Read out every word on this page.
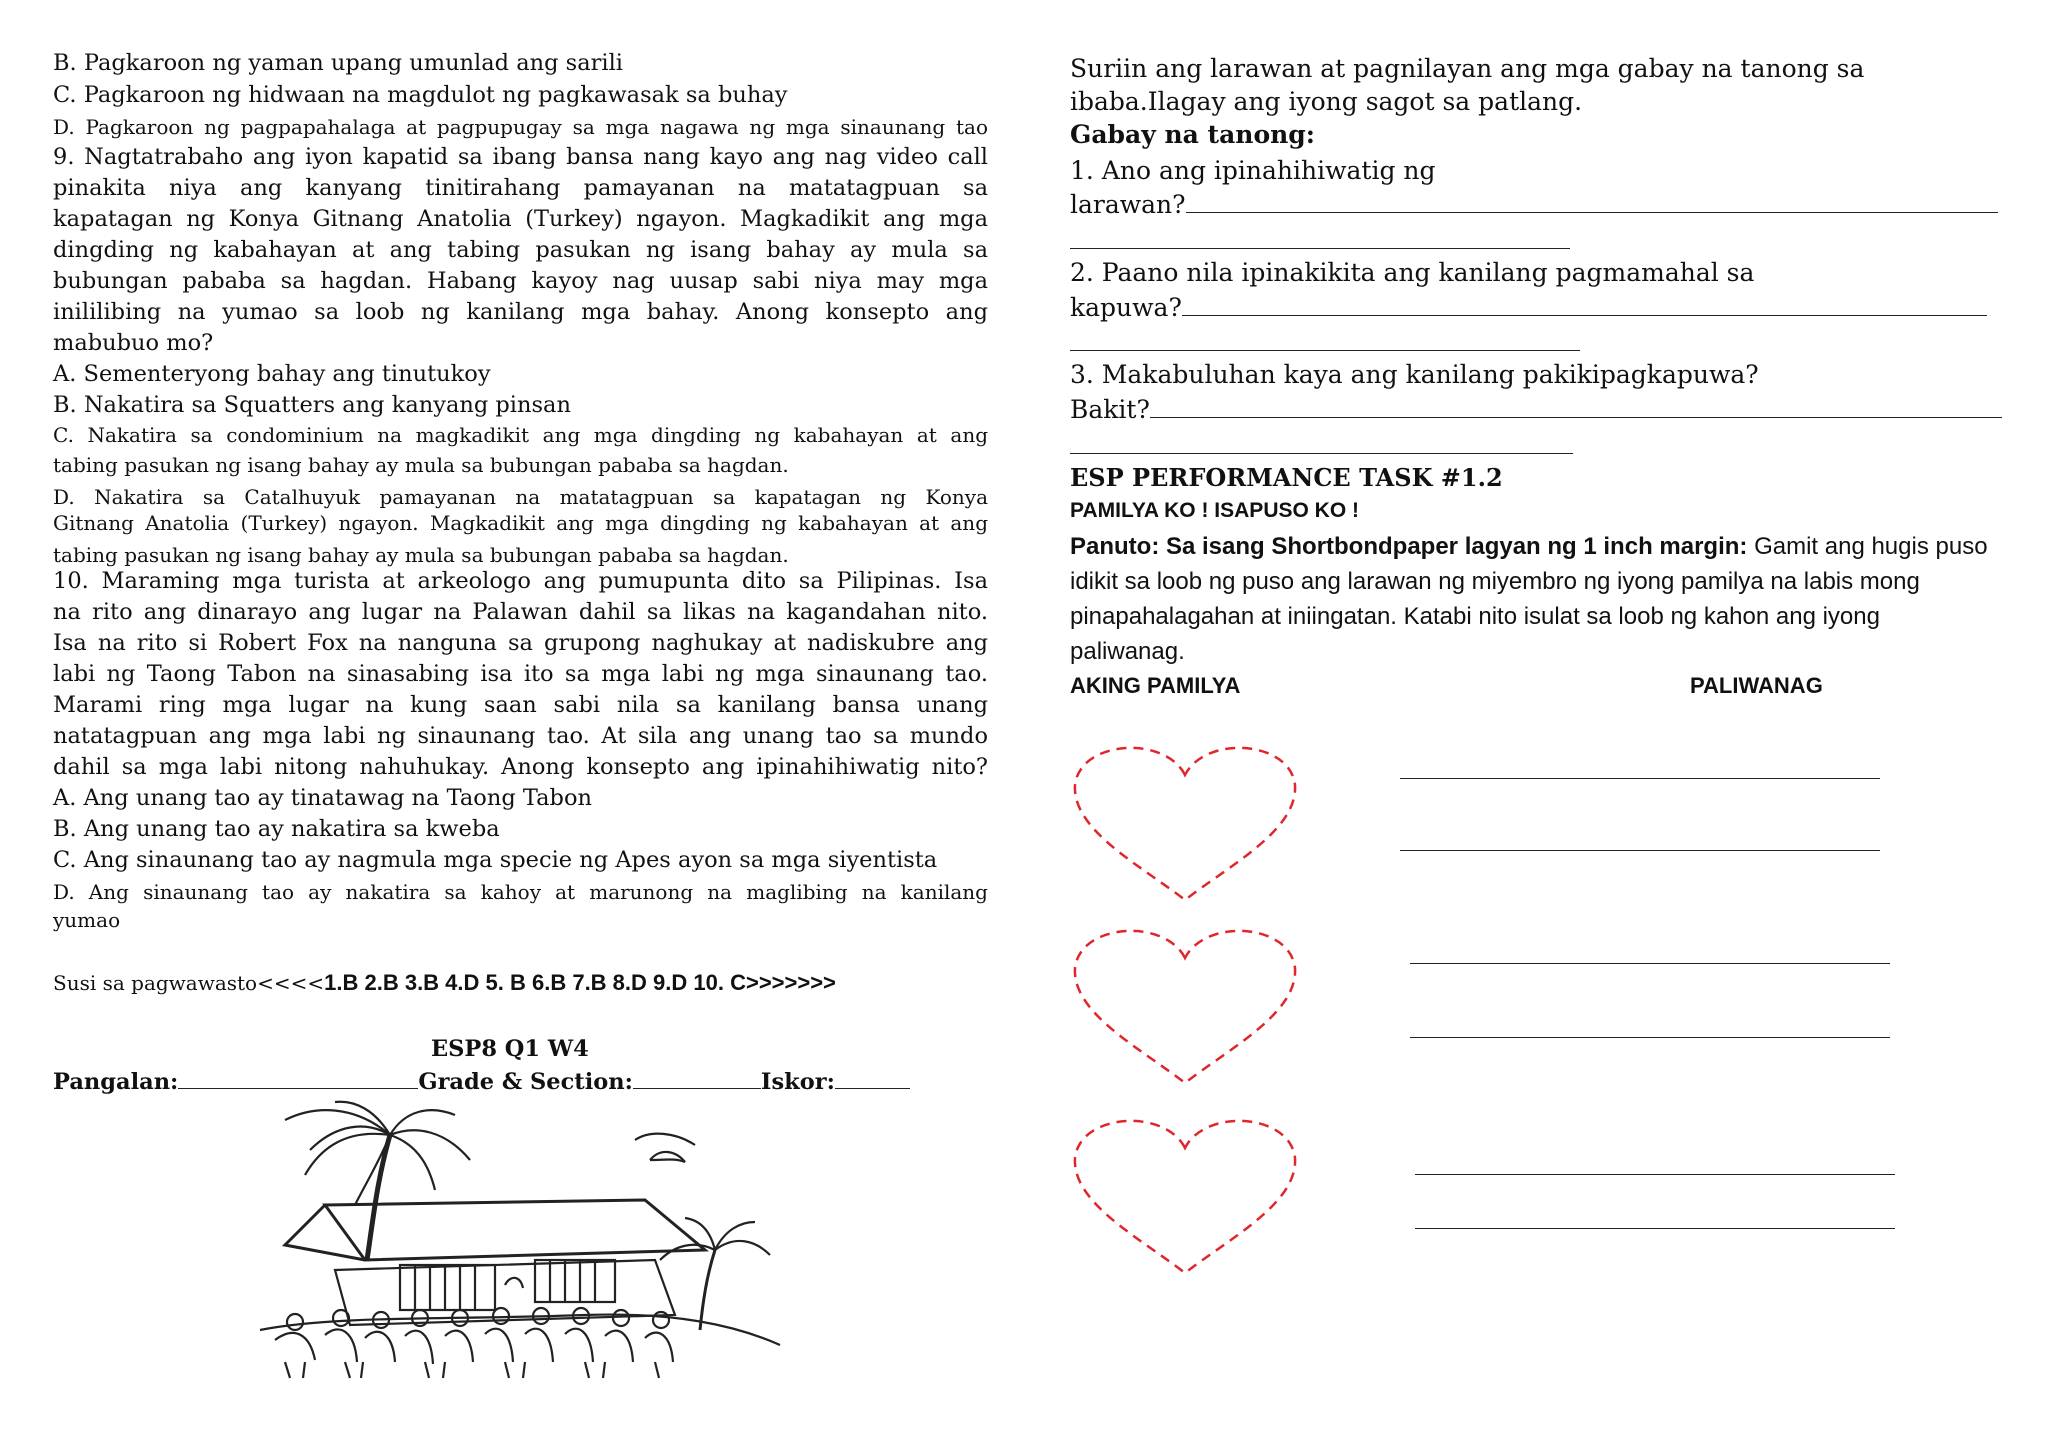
B. Pagkaroon ng yaman upang umunlad ang sarili
C. Pagkaroon ng hidwaan na magdulot ng pagkawasak sa buhay
D. Pagkaroon ng pagpapahalaga at pagpupugay sa mga nagawa ng mga sinaunang tao
9. Nagtatrabaho ang iyon kapatid sa ibang bansa nang kayo ang nag video call
pinakita niya ang kanyang tinitirahang pamayanan na matatagpuan sa
kapatagan ng Konya Gitnang Anatolia (Turkey) ngayon. Magkadikit ang mga
dingding ng kabahayan at ang tabing pasukan ng isang bahay ay mula sa
bubungan pababa sa hagdan. Habang kayoy nag uusap sabi niya may mga
inililibing na yumao sa loob ng kanilang mga bahay. Anong konsepto ang
mabubuo mo?
A. Sementeryong bahay ang tinutukoy
B. Nakatira sa Squatters ang kanyang pinsan
C. Nakatira sa condominium na magkadikit ang mga dingding ng kabahayan at ang
tabing pasukan ng isang bahay ay mula sa bubungan pababa sa hagdan.
D. Nakatira sa Catalhuyuk pamayanan na matatagpuan sa kapatagan ng Konya
Gitnang Anatolia (Turkey) ngayon. Magkadikit ang mga dingding ng kabahayan at ang
tabing pasukan ng isang bahay ay mula sa bubungan pababa sa hagdan.
10. Maraming mga turista at arkeologo ang pumupunta dito sa Pilipinas. Isa
na rito ang dinarayo ang lugar na Palawan dahil sa likas na kagandahan nito.
Isa na rito si Robert Fox na nanguna sa grupong naghukay at nadiskubre ang
labi ng Taong Tabon na sinasabing isa ito sa mga labi ng mga sinaunang tao.
Marami ring mga lugar na kung saan sabi nila sa kanilang bansa unang
natatagpuan ang mga labi ng sinaunang tao. At sila ang unang tao sa mundo
dahil sa mga labi nitong nahuhukay. Anong konsepto ang ipinahihiwatig nito?
A. Ang unang tao ay tinatawag na Taong Tabon
B. Ang unang tao ay nakatira sa kweba
C. Ang sinaunang tao ay nagmula mga specie ng Apes ayon sa mga siyentista
D. Ang sinaunang tao ay nakatira sa kahoy at marunong na maglibing na kanilang
yumao
Susi sa pagwawasto<<<<1.B 2.B 3.B 4.D 5. B 6.B 7.B 8.D 9.D 10. C>>>>>>>
ESP8 Q1 W4
Pangalan:	Grade & Section:	Iskor:
Suriin ang larawan at pagnilayan ang mga gabay na tanong sa
ibaba.Ilagay ang iyong sagot sa patlang.
Gabay na tanong:
1. Ano ang ipinahihiwatig ng
larawan?
2. Paano nila ipinakikita ang kanilang pagmamahal sa
kapuwa?
3. Makabuluhan kaya ang kanilang pakikipagkapuwa?
Bakit?
ESP PERFORMANCE TASK #1.2
PAMILYA KO ! ISAPUSO KO !
Panuto: Sa isang Shortbondpaper lagyan ng 1 inch margin: Gamit ang hugis puso
idikit sa loob ng puso ang larawan ng miyembro ng iyong pamilya na labis mong
pinapahalagahan at iniingatan. Katabi nito isulat sa loob ng kahon ang iyong
paliwanag.
AKING PAMILYA	PALIWANAG
